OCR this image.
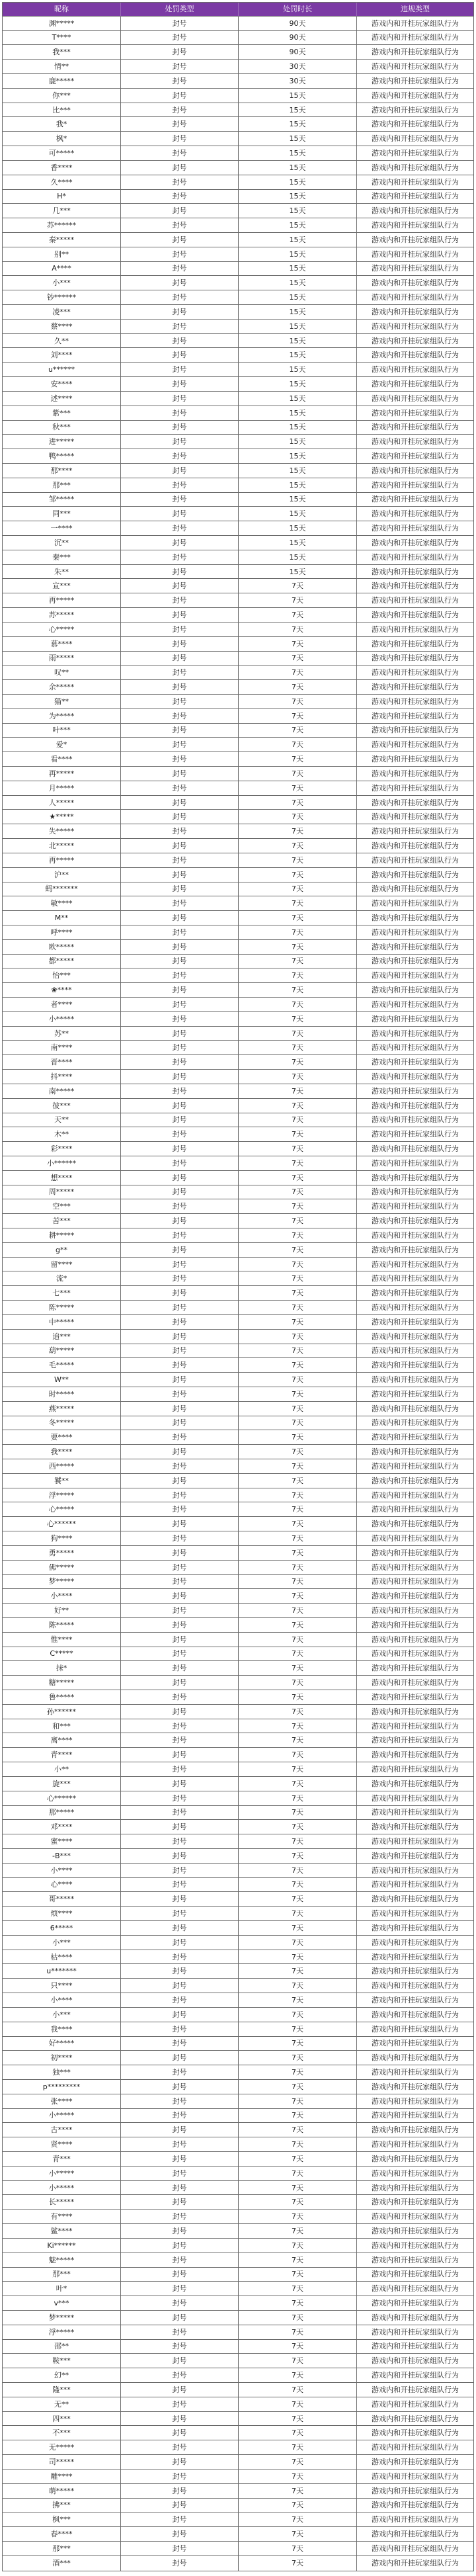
昵称	处罚类型	处罚时长	违规类型
渊*****	封号	90天	游戏内和开挂玩家组队行为
T****	封号	90天	游戏内和开挂玩家组队行为
我***	封号	90天	游戏内和开挂玩家组队行为
情**	封号	30天	游戏内和开挂玩家组队行为
鹿*****	封号	30天	游戏内和开挂玩家组队行为
你***	封号	15天	游戏内和开挂玩家组队行为
比***	封号	15天	游戏内和开挂玩家组队行为
我*	封号	15天	游戏内和开挂玩家组队行为
枫*	封号	15天	游戏内和开挂玩家组队行为
可*****	封号	15天	游戏内和开挂玩家组队行为
香****	封号	15天	游戏内和开挂玩家组队行为
久****	封号	15天	游戏内和开挂玩家组队行为
H*	封号	15天	游戏内和开挂玩家组队行为
几***	封号	15天	游戏内和开挂玩家组队行为
苏******	封号	15天	游戏内和开挂玩家组队行为
秦*****	封号	15天	游戏内和开挂玩家组队行为
别**	封号	15天	游戏内和开挂玩家组队行为
A****	封号	15天	游戏内和开挂玩家组队行为
小***	封号	15天	游戏内和开挂玩家组队行为
钞******	封号	15天	游戏内和开挂玩家组队行为
凌***	封号	15天	游戏内和开挂玩家组队行为
蔡****	封号	15天	游戏内和开挂玩家组队行为
久**	封号	15天	游戏内和开挂玩家组队行为
刘****	封号	15天	游戏内和开挂玩家组队行为
u******	封号	15天	游戏内和开挂玩家组队行为
安****	封号	15天	游戏内和开挂玩家组队行为
述****	封号	15天	游戏内和开挂玩家组队行为
紫***	封号	15天	游戏内和开挂玩家组队行为
秋***	封号	15天	游戏内和开挂玩家组队行为
进*****	封号	15天	游戏内和开挂玩家组队行为
鸭*****	封号	15天	游戏内和开挂玩家组队行为
那****	封号	15天	游戏内和开挂玩家组队行为
那***	封号	15天	游戏内和开挂玩家组队行为
邹*****	封号	15天	游戏内和开挂玩家组队行为
同***	封号	15天	游戏内和开挂玩家组队行为
一****	封号	15天	游戏内和开挂玩家组队行为
沉**	封号	15天	游戏内和开挂玩家组队行为
秦***	封号	15天	游戏内和开挂玩家组队行为
朱**	封号	15天	游戏内和开挂玩家组队行为
宣***	封号	7天	游戏内和开挂玩家组队行为
再*****	封号	7天	游戏内和开挂玩家组队行为
苏*****	封号	7天	游戏内和开挂玩家组队行为
心*****	封号	7天	游戏内和开挂玩家组队行为
慕****	封号	7天	游戏内和开挂玩家组队行为
雨*****	封号	7天	游戏内和开挂玩家组队行为
叹**	封号	7天	游戏内和开挂玩家组队行为
余*****	封号	7天	游戏内和开挂玩家组队行为
猫**	封号	7天	游戏内和开挂玩家组队行为
为*****	封号	7天	游戏内和开挂玩家组队行为
叶***	封号	7天	游戏内和开挂玩家组队行为
爱*	封号	7天	游戏内和开挂玩家组队行为
看****	封号	7天	游戏内和开挂玩家组队行为
再*****	封号	7天	游戏内和开挂玩家组队行为
月*****	封号	7天	游戏内和开挂玩家组队行为
人*****	封号	7天	游戏内和开挂玩家组队行为
★*****	封号	7天	游戏内和开挂玩家组队行为
失*****	封号	7天	游戏内和开挂玩家组队行为
北*****	封号	7天	游戏内和开挂玩家组队行为
再*****	封号	7天	游戏内和开挂玩家组队行为
沪**	封号	7天	游戏内和开挂玩家组队行为
蚂*******	封号	7天	游戏内和开挂玩家组队行为
敏****	封号	7天	游戏内和开挂玩家组队行为
M**	封号	7天	游戏内和开挂玩家组队行为
呼****	封号	7天	游戏内和开挂玩家组队行为
欧*****	封号	7天	游戏内和开挂玩家组队行为
都*****	封号	7天	游戏内和开挂玩家组队行为
怡***	封号	7天	游戏内和开挂玩家组队行为
❀****	封号	7天	游戏内和开挂玩家组队行为
者****	封号	7天	游戏内和开挂玩家组队行为
小*****	封号	7天	游戏内和开挂玩家组队行为
苏**	封号	7天	游戏内和开挂玩家组队行为
南****	封号	7天	游戏内和开挂玩家组队行为
晋****	封号	7天	游戏内和开挂玩家组队行为
抖****	封号	7天	游戏内和开挂玩家组队行为
南*****	封号	7天	游戏内和开挂玩家组队行为
彼***	封号	7天	游戏内和开挂玩家组队行为
天**	封号	7天	游戏内和开挂玩家组队行为
木**	封号	7天	游戏内和开挂玩家组队行为
彩****	封号	7天	游戏内和开挂玩家组队行为
小******	封号	7天	游戏内和开挂玩家组队行为
想****	封号	7天	游戏内和开挂玩家组队行为
周*****	封号	7天	游戏内和开挂玩家组队行为
空***	封号	7天	游戏内和开挂玩家组队行为
苦***	封号	7天	游戏内和开挂玩家组队行为
耕*****	封号	7天	游戏内和开挂玩家组队行为
g**	封号	7天	游戏内和开挂玩家组队行为
留****	封号	7天	游戏内和开挂玩家组队行为
流*	封号	7天	游戏内和开挂玩家组队行为
七***	封号	7天	游戏内和开挂玩家组队行为
陈*****	封号	7天	游戏内和开挂玩家组队行为
中*****	封号	7天	游戏内和开挂玩家组队行为
追***	封号	7天	游戏内和开挂玩家组队行为
葫*****	封号	7天	游戏内和开挂玩家组队行为
毛*****	封号	7天	游戏内和开挂玩家组队行为
W**	封号	7天	游戏内和开挂玩家组队行为
时*****	封号	7天	游戏内和开挂玩家组队行为
燕*****	封号	7天	游戏内和开挂玩家组队行为
冬*****	封号	7天	游戏内和开挂玩家组队行为
要****	封号	7天	游戏内和开挂玩家组队行为
我****	封号	7天	游戏内和开挂玩家组队行为
西*****	封号	7天	游戏内和开挂玩家组队行为
饕**	封号	7天	游戏内和开挂玩家组队行为
浮*****	封号	7天	游戏内和开挂玩家组队行为
心*****	封号	7天	游戏内和开挂玩家组队行为
心******	封号	7天	游戏内和开挂玩家组队行为
狗****	封号	7天	游戏内和开挂玩家组队行为
勇*****	封号	7天	游戏内和开挂玩家组队行为
佛*****	封号	7天	游戏内和开挂玩家组队行为
梦*****	封号	7天	游戏内和开挂玩家组队行为
小****	封号	7天	游戏内和开挂玩家组队行为
好**	封号	7天	游戏内和开挂玩家组队行为
陈*****	封号	7天	游戏内和开挂玩家组队行为
惟****	封号	7天	游戏内和开挂玩家组队行为
C*****	封号	7天	游戏内和开挂玩家组队行为
抹*	封号	7天	游戏内和开挂玩家组队行为
糖*****	封号	7天	游戏内和开挂玩家组队行为
鲁*****	封号	7天	游戏内和开挂玩家组队行为
孙******	封号	7天	游戏内和开挂玩家组队行为
和***	封号	7天	游戏内和开挂玩家组队行为
离****	封号	7天	游戏内和开挂玩家组队行为
青****	封号	7天	游戏内和开挂玩家组队行为
小**	封号	7天	游戏内和开挂玩家组队行为
旋***	封号	7天	游戏内和开挂玩家组队行为
心******	封号	7天	游戏内和开挂玩家组队行为
那*****	封号	7天	游戏内和开挂玩家组队行为
邓****	封号	7天	游戏内和开挂玩家组队行为
蜜****	封号	7天	游戏内和开挂玩家组队行为
-Β***	封号	7天	游戏内和开挂玩家组队行为
小****	封号	7天	游戏内和开挂玩家组队行为
心****	封号	7天	游戏内和开挂玩家组队行为
哥*****	封号	7天	游戏内和开挂玩家组队行为
烦****	封号	7天	游戏内和开挂玩家组队行为
6*****	封号	7天	游戏内和开挂玩家组队行为
小***	封号	7天	游戏内和开挂玩家组队行为
枯****	封号	7天	游戏内和开挂玩家组队行为
u*******	封号	7天	游戏内和开挂玩家组队行为
只****	封号	7天	游戏内和开挂玩家组队行为
小****	封号	7天	游戏内和开挂玩家组队行为
小***	封号	7天	游戏内和开挂玩家组队行为
我****	封号	7天	游戏内和开挂玩家组队行为
好*****	封号	7天	游戏内和开挂玩家组队行为
初****	封号	7天	游戏内和开挂玩家组队行为
独***	封号	7天	游戏内和开挂玩家组队行为
p*********	封号	7天	游戏内和开挂玩家组队行为
张****	封号	7天	游戏内和开挂玩家组队行为
小*****	封号	7天	游戏内和开挂玩家组队行为
古****	封号	7天	游戏内和开挂玩家组队行为
贤****	封号	7天	游戏内和开挂玩家组队行为
青***	封号	7天	游戏内和开挂玩家组队行为
小*****	封号	7天	游戏内和开挂玩家组队行为
小*****	封号	7天	游戏内和开挂玩家组队行为
长*****	封号	7天	游戏内和开挂玩家组队行为
有****	封号	7天	游戏内和开挂玩家组队行为
鲨****	封号	7天	游戏内和开挂玩家组队行为
Ki******	封号	7天	游戏内和开挂玩家组队行为
魅*****	封号	7天	游戏内和开挂玩家组队行为
那***	封号	7天	游戏内和开挂玩家组队行为
叶*	封号	7天	游戏内和开挂玩家组队行为
v***	封号	7天	游戏内和开挂玩家组队行为
梦*****	封号	7天	游戏内和开挂玩家组队行为
浮*****	封号	7天	游戏内和开挂玩家组队行为
邵**	封号	7天	游戏内和开挂玩家组队行为
鞍***	封号	7天	游戏内和开挂玩家组队行为
幻**	封号	7天	游戏内和开挂玩家组队行为
隆***	封号	7天	游戏内和开挂玩家组队行为
无**	封号	7天	游戏内和开挂玩家组队行为
四***	封号	7天	游戏内和开挂玩家组队行为
不***	封号	7天	游戏内和开挂玩家组队行为
无*****	封号	7天	游戏内和开挂玩家组队行为
司*****	封号	7天	游戏内和开挂玩家组队行为
雕****	封号	7天	游戏内和开挂玩家组队行为
萌*****	封号	7天	游戏内和开挂玩家组队行为
拂***	封号	7天	游戏内和开挂玩家组队行为
枫***	封号	7天	游戏内和开挂玩家组队行为
春****	封号	7天	游戏内和开挂玩家组队行为
那***	封号	7天	游戏内和开挂玩家组队行为
酒***	封号	7天	游戏内和开挂玩家组队行为
